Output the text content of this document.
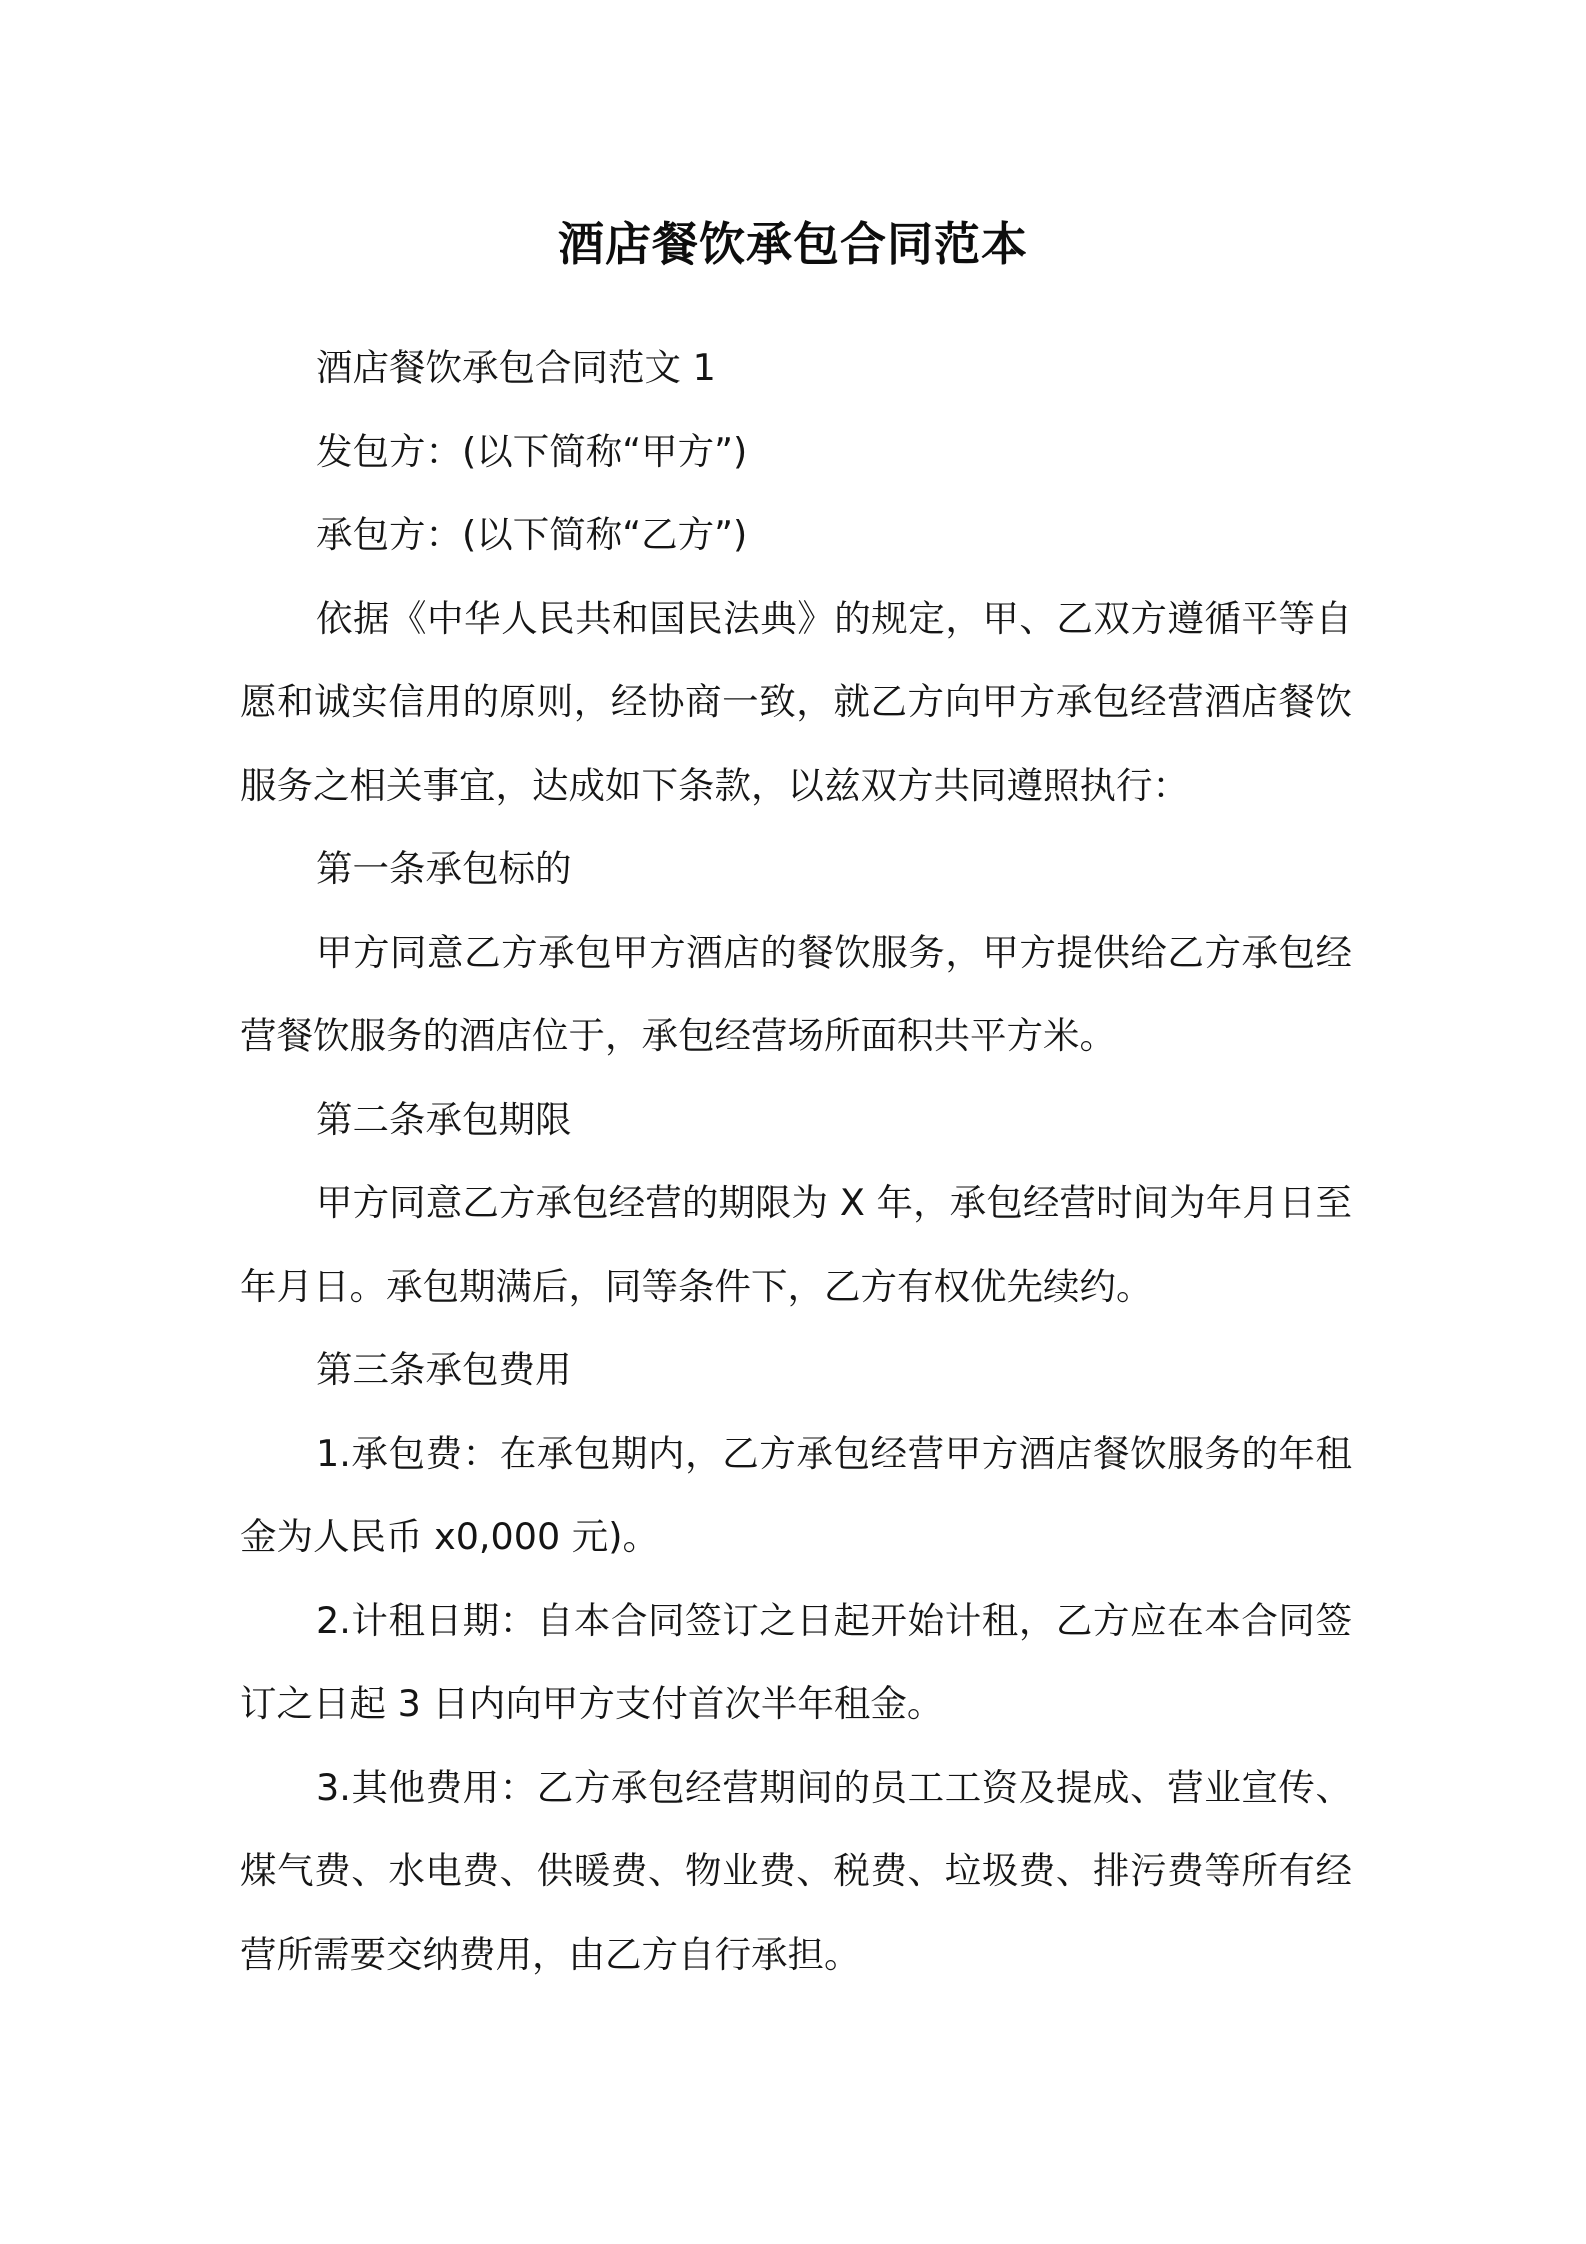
酒店餐饮承包合同范本

酒店餐饮承包合同范文 1

发包方：(以下简称“甲方”)

承包方：(以下简称“乙方”)

依据《中华人民共和国民法典》的规定，甲、乙双方遵循平等自愿和诚实信用的原则，经协商一致，就乙方向甲方承包经营酒店餐饮服务之相关事宜，达成如下条款，以兹双方共同遵照执行：

第一条承包标的

甲方同意乙方承包甲方酒店的餐饮服务，甲方提供给乙方承包经营餐饮服务的酒店位于，承包经营场所面积共平方米。

第二条承包期限

甲方同意乙方承包经营的期限为 X 年，承包经营时间为年月日至年月日。承包期满后，同等条件下，乙方有权优先续约。

第三条承包费用

1.承包费：在承包期内，乙方承包经营甲方酒店餐饮服务的年租金为人民币 x0,000 元)。

2.计租日期：自本合同签订之日起开始计租，乙方应在本合同签订之日起 3 日内向甲方支付首次半年租金。

3.其他费用：乙方承包经营期间的员工工资及提成、营业宣传、煤气费、水电费、供暖费、物业费、税费、垃圾费、排污费等所有经营所需要交纳费用，由乙方自行承担。
